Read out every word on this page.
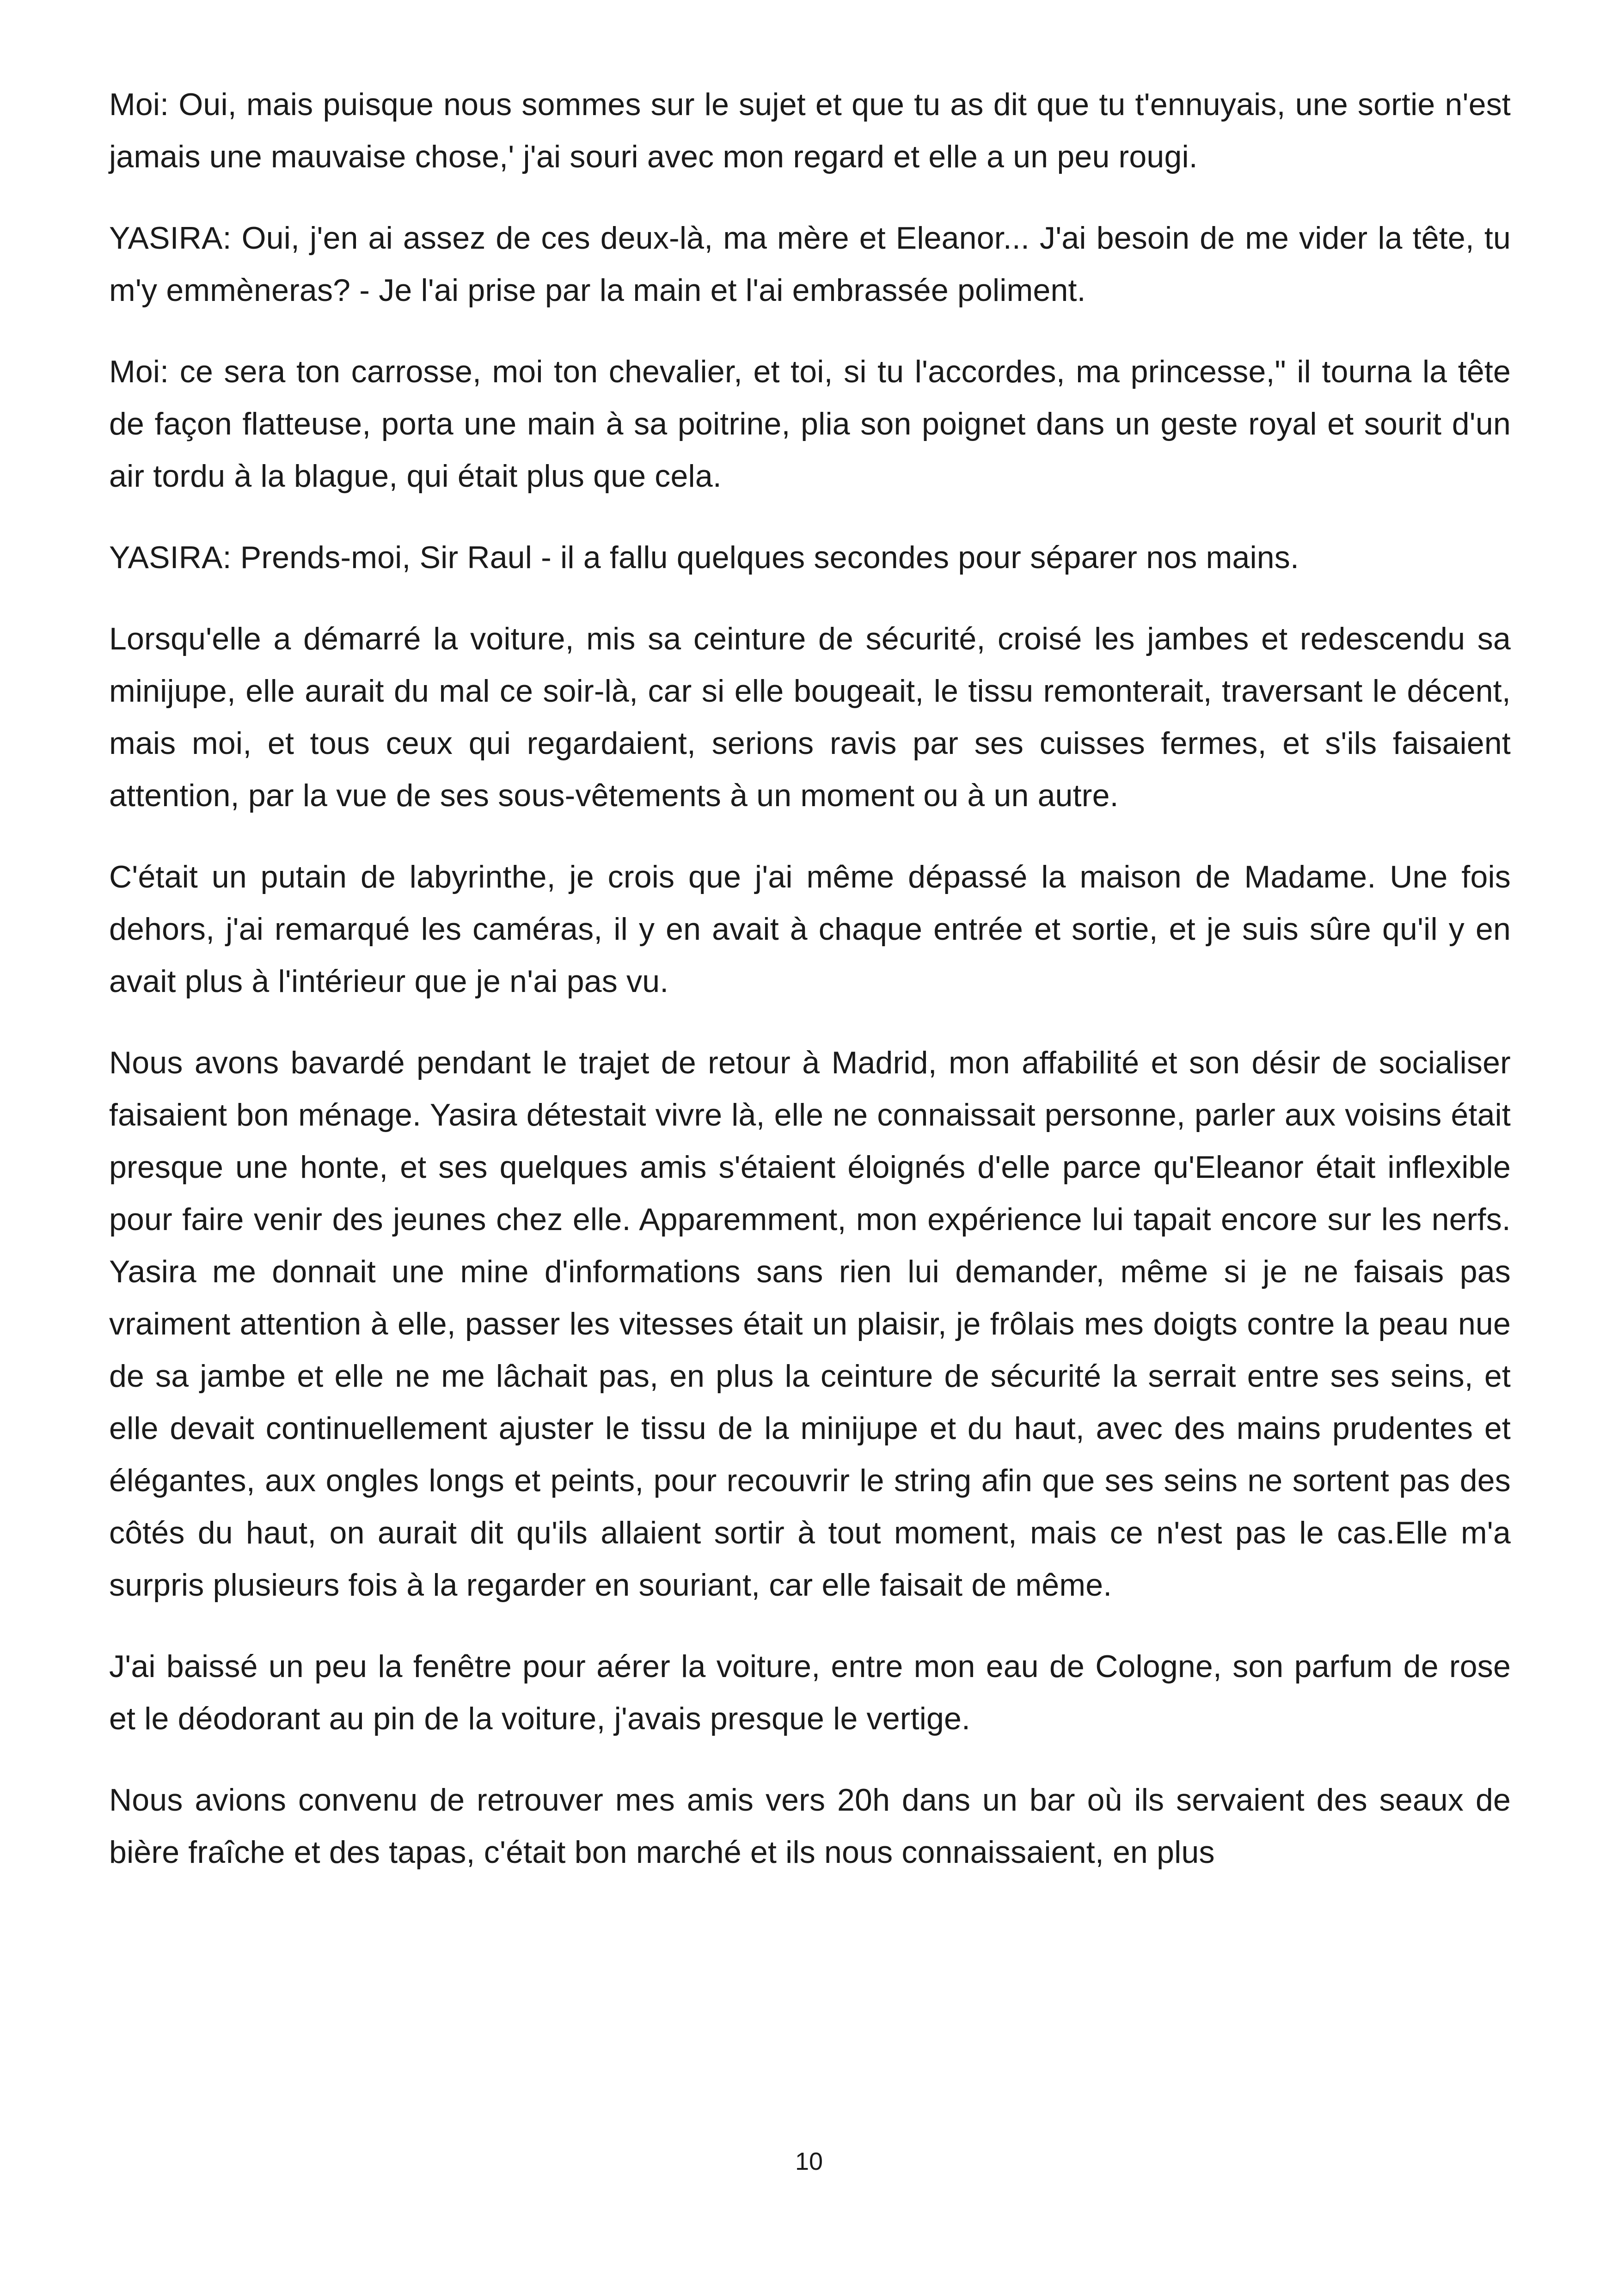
Moi: Oui, mais puisque nous sommes sur le sujet et que tu as dit que tu t'ennuyais, une sortie n'est jamais une mauvaise chose,' j'ai souri avec mon regard et elle a un peu rougi.

YASIRA: Oui, j'en ai assez de ces deux-là, ma mère et Eleanor... J'ai besoin de me vider la tête, tu m'y emmèneras? - Je l'ai prise par la main et l'ai embrassée poliment.

Moi: ce sera ton carrosse, moi ton chevalier, et toi, si tu l'accordes, ma princesse," il tourna la tête de façon flatteuse, porta une main à sa poitrine, plia son poignet dans un geste royal et sourit d'un air tordu à la blague, qui était plus que cela.

YASIRA: Prends-moi, Sir Raul - il a fallu quelques secondes pour séparer nos mains.

Lorsqu'elle a démarré la voiture, mis sa ceinture de sécurité, croisé les jambes et redescendu sa minijupe, elle aurait du mal ce soir-là, car si elle bougeait, le tissu remonterait, traversant le décent, mais moi, et tous ceux qui regardaient, serions ravis par ses cuisses fermes, et s'ils faisaient attention, par la vue de ses sous-vêtements à un moment ou à un autre.

C'était un putain de labyrinthe, je crois que j'ai même dépassé la maison de Madame. Une fois dehors, j'ai remarqué les caméras, il y en avait à chaque entrée et sortie, et je suis sûre qu'il y en avait plus à l'intérieur que je n'ai pas vu.

Nous avons bavardé pendant le trajet de retour à Madrid, mon affabilité et son désir de socialiser faisaient bon ménage. Yasira détestait vivre là, elle ne connaissait personne, parler aux voisins était presque une honte, et ses quelques amis s'étaient éloignés d'elle parce qu'Eleanor était inflexible pour faire venir des jeunes chez elle. Apparemment, mon expérience lui tapait encore sur les nerfs. Yasira me donnait une mine d'informations sans rien lui demander, même si je ne faisais pas vraiment attention à elle, passer les vitesses était un plaisir, je frôlais mes doigts contre la peau nue de sa jambe et elle ne me lâchait pas, en plus la ceinture de sécurité la serrait entre ses seins, et elle devait continuellement ajuster le tissu de la minijupe et du haut, avec des mains prudentes et élégantes, aux ongles longs et peints, pour recouvrir le string afin que ses seins ne sortent pas des côtés du haut, on aurait dit qu'ils allaient sortir à tout moment, mais ce n'est pas le cas.Elle m'a surpris plusieurs fois à la regarder en souriant, car elle faisait de même.

J'ai baissé un peu la fenêtre pour aérer la voiture, entre mon eau de Cologne, son parfum de rose et le déodorant au pin de la voiture, j'avais presque le vertige.

Nous avions convenu de retrouver mes amis vers 20h dans un bar où ils servaient des seaux de bière fraîche et des tapas, c'était bon marché et ils nous connaissaient, en plus

10
